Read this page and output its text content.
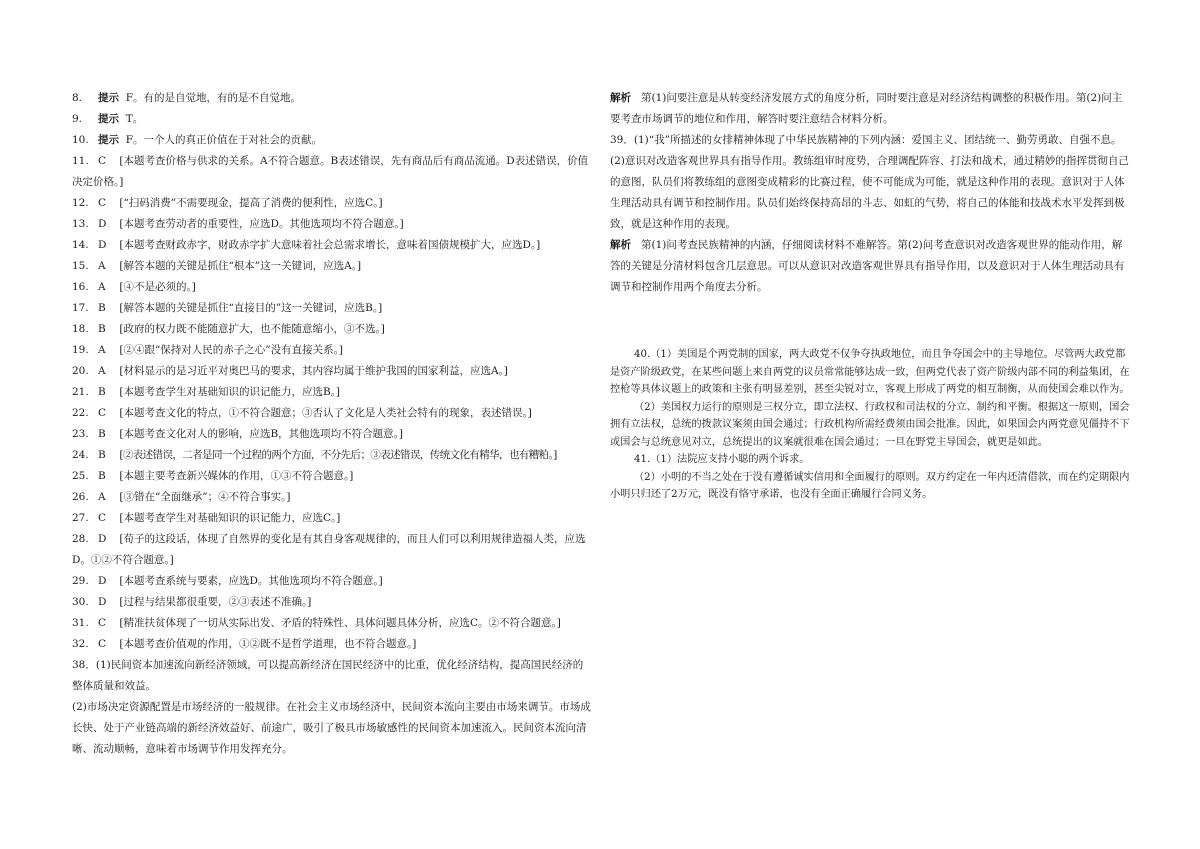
8. 提示 F。有的是自觉地，有的是不自觉地。
9. 提示 T。
10. 提示 F。一个人的真正价值在于对社会的贡献。
11. C [本题考查价格与供求的关系。A不符合题意。B表述错误，先有商品后有商品流通。D表述错误，价值决定价格。]
12. C [“扫码消费”不需要现金，提高了消费的便利性，应选C。]
13. D [本题考查劳动者的重要性，应选D。其他选项均不符合题意。]
14. D [本题考查财政赤字，财政赤字扩大意味着社会总需求增长，意味着国债规模扩大，应选D。]
15. A [解答本题的关键是抓住“根本”这一关键词，应选A。]
16. A [④不是必须的。]
17. B [解答本题的关键是抓住“直接目的”这一关键词，应选B。]
18. B [政府的权力既不能随意扩大，也不能随意缩小，③不选。]
19. A [②④跟“保持对人民的赤子之心”没有直接关系。]
20. A [材料显示的是习近平对奥巴马的要求，其内容均属于维护我国的国家利益，应选A。]
21. B [本题考查学生对基础知识的识记能力，应选B。]
22. C [本题考查文化的特点，①不符合题意；③否认了文化是人类社会特有的现象，表述错误。]
23. B [本题考查文化对人的影响，应选B，其他选项均不符合题意。]
24. B [②表述错误，二者是同一个过程的两个方面，不分先后；③表述错误，传统文化有精华，也有糟粕。]
25. B [本题主要考查新兴媒体的作用，①③不符合题意。]
26. A [③错在“全面继承”；④不符合事实。]
27. C [本题考查学生对基础知识的识记能力，应选C。]
28. D [荀子的这段话，体现了自然界的变化是有其自身客观规律的，而且人们可以利用规律造福人类，应选D。①②不符合题意。]
29. D [本题考查系统与要素，应选D。其他选项均不符合题意。]
30. D [过程与结果都很重要，②③表述不准确。]
31. C [精准扶贫体现了一切从实际出发、矛盾的特殊性、具体问题具体分析，应选C。②不符合题意。]
32. C [本题考查价值观的作用，①②既不是哲学道理，也不符合题意。]
38．(1)民间资本加速流向新经济领域，可以提高新经济在国民经济中的比重，优化经济结构，提高国民经济的整体质量和效益。
(2)市场决定资源配置是市场经济的一般规律。在社会主义市场经济中，民间资本流向主要由市场来调节。市场成长快、处于产业链高端的新经济效益好、前途广，吸引了极具市场敏感性的民间资本加速流入。民间资本流向清晰、流动顺畅，意味着市场调节作用发挥充分。
解析 第(1)问要注意是从转变经济发展方式的角度分析，同时要注意是对经济结构调整的积极作用。第(2)问主要考查市场调节的地位和作用，解答时要注意结合材料分析。
39．(1)“我”所描述的女排精神体现了中华民族精神的下列内涵：爱国主义、团结统一、勤劳勇敢、自强不息。
(2)意识对改造客观世界具有指导作用。教练组审时度势，合理调配阵容、打法和战术，通过精妙的指挥贯彻自己的意图，队员们将教练组的意图变成精彩的比赛过程，使不可能成为可能，就是这种作用的表现。意识对于人体生理活动具有调节和控制作用。队员们始终保持高昂的斗志、如虹的气势，将自己的体能和技战术水平发挥到极致，就是这种作用的表现。
解析 第(1)问考查民族精神的内涵，仔细阅读材料不难解答。第(2)问考查意识对改造客观世界的能动作用，解答的关键是分清材料包含几层意思。可以从意识对改造客观世界具有指导作用，以及意识对于人体生理活动具有调节和控制作用两个角度去分析。
40.（1）美国是个两党制的国家，两大政党不仅争夺执政地位，而且争夺国会中的主导地位。尽管两大政党都是资产阶级政党，在某些问题上来自两党的议员常常能够达成一致，但两党代表了资产阶级内部不同的利益集团，在控枪等具体议题上的政策和主张有明显差别，甚至尖锐对立，客观上形成了两党的相互制衡，从而使国会难以作为。
（2）美国权力运行的原则是三权分立，即立法权、行政权和司法权的分立、制约和平衡。根据这一原则，国会拥有立法权，总统的拨款议案须由国会通过；行政机构所需经费须由国会批准。因此，如果国会内两党意见僵持不下或国会与总统意见对立，总统提出的议案就很难在国会通过；一旦在野党主导国会，就更是如此。
41.（1）法院应支持小聪的两个诉求。
（2）小明的不当之处在于没有遵循诚实信用和全面履行的原则。双方约定在一年内还清借款，而在约定期限内小明只归还了2万元，既没有恪守承诺，也没有全面正确履行合同义务。
